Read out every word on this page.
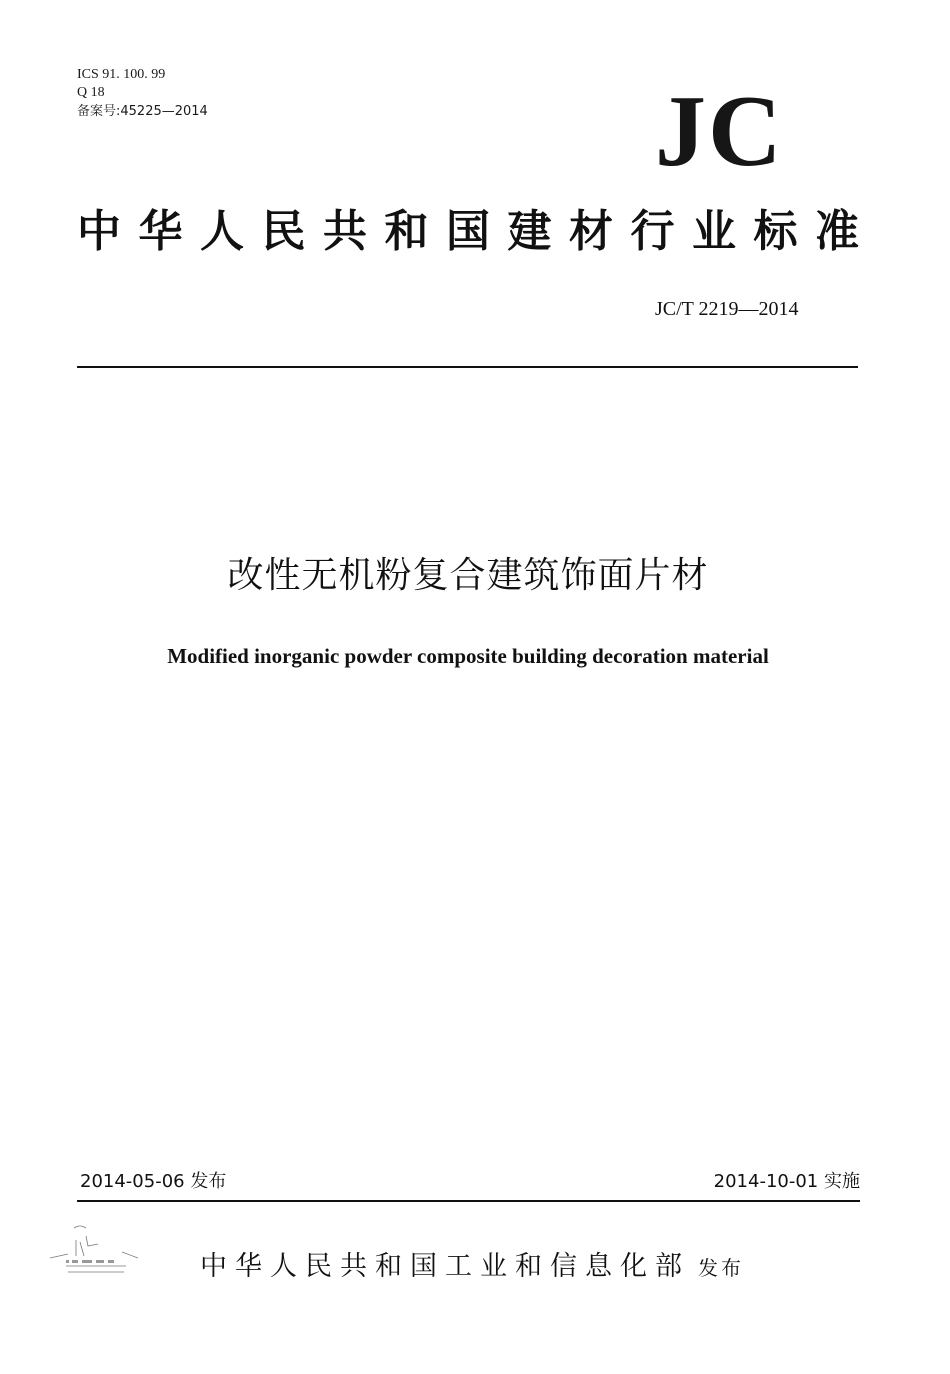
ICS 91. 100. 99
Q 18
备案号:45225—2014	JC
中 华 人 民 共 和 国 建 材 行 业 标 准
JC/T 2219—2014
改性无机粉复合建筑饰面片材
Modified inorganic powder composite building decoration material
2014-05-06 发布	2014-10-01 实施
中华人民共和国工业和信息化部 发布
